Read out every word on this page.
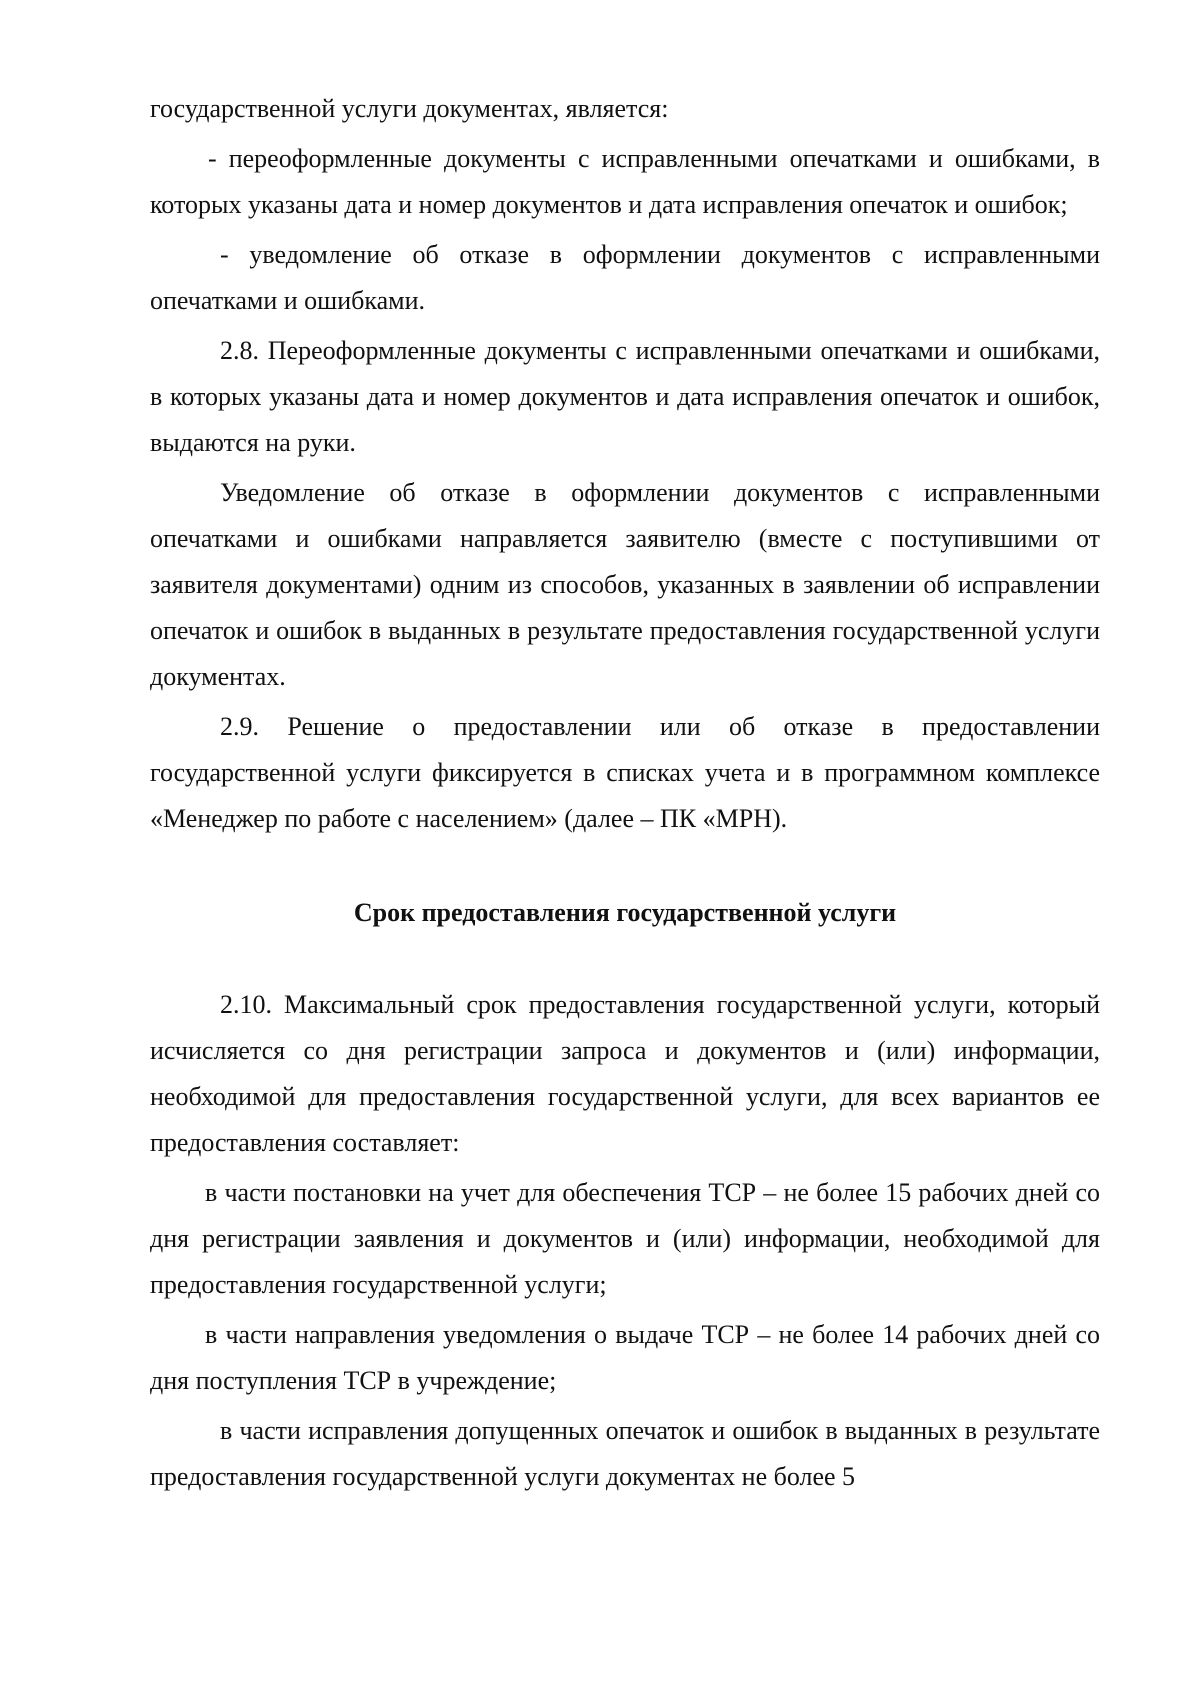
государственной услуги документах, является:

- переоформленные документы с исправленными опечатками и ошибками, в которых указаны дата и номер документов и дата исправления опечаток и ошибок;

- уведомление об отказе в оформлении документов с исправленными опечатками и ошибками.

2.8. Переоформленные документы с исправленными опечатками и ошибками, в которых указаны дата и номер документов и дата исправления опечаток и ошибок, выдаются на руки.

Уведомление об отказе в оформлении документов с исправленными опечатками и ошибками направляется заявителю (вместе с поступившими от заявителя документами) одним из способов, указанных в заявлении об исправлении опечаток и ошибок в выданных в результате предоставления государственной услуги документах.

2.9. Решение о предоставлении или об отказе в предоставлении государственной услуги фиксируется в списках учета и в программном комплексе «Менеджер по работе с населением» (далее – ПК «МРН).

Срок предоставления государственной услуги

2.10. Максимальный срок предоставления государственной услуги, который исчисляется со дня регистрации запроса и документов и (или) информации, необходимой для предоставления государственной услуги, для всех вариантов ее предоставления составляет:

в части постановки на учет для обеспечения ТСР – не более 15 рабочих дней со дня регистрации заявления и документов и (или) информации, необходимой для предоставления государственной услуги;

в части направления уведомления о выдаче ТСР – не более 14 рабочих дней со дня поступления ТСР в учреждение;

в части исправления допущенных опечаток и ошибок в выданных в результате предоставления государственной услуги документах не более 5
